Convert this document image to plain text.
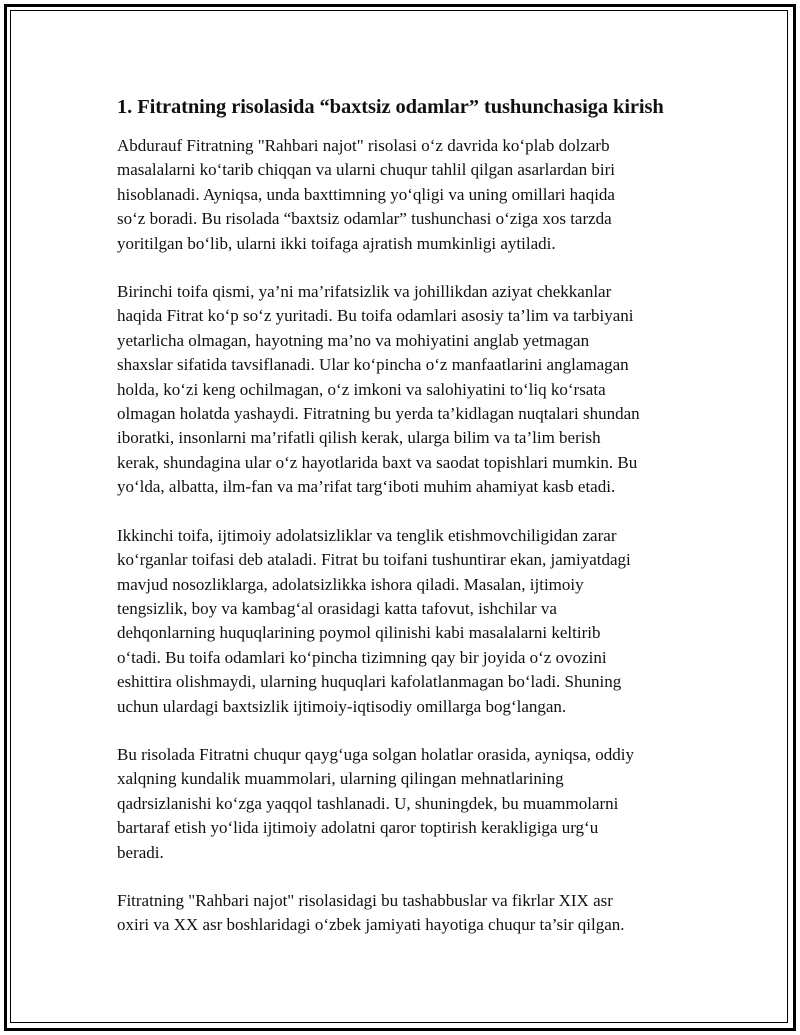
1. Fitratning risolasida “baxtsiz odamlar” tushunchasiga kirish

Abdurauf Fitratning "Rahbari najot" risolasi o‘z davrida ko‘plab dolzarb
masalalarni ko‘tarib chiqqan va ularni chuqur tahlil qilgan asarlardan biri
hisoblanadi. Ayniqsa, unda baxttimning yo‘qligi va uning omillari haqida
so‘z boradi. Bu risolada “baxtsiz odamlar” tushunchasi o‘ziga xos tarzda
yoritilgan bo‘lib, ularni ikki toifaga ajratish mumkinligi aytiladi.

Birinchi toifa qismi, ya’ni ma’rifatsizlik va johillikdan aziyat chekkanlar
haqida Fitrat ko‘p so‘z yuritadi. Bu toifa odamlari asosiy ta’lim va tarbiyani
yetarlicha olmagan, hayotning ma’no va mohiyatini anglab yetmagan
shaxslar sifatida tavsiflanadi. Ular ko‘pincha o‘z manfaatlarini anglamagan
holda, ko‘zi keng ochilmagan, o‘z imkoni va salohiyatini to‘liq ko‘rsata
olmagan holatda yashaydi. Fitratning bu yerda ta’kidlagan nuqtalari shundan
iboratki, insonlarni ma’rifatli qilish kerak, ularga bilim va ta’lim berish
kerak, shundagina ular o‘z hayotlarida baxt va saodat topishlari mumkin. Bu
yo‘lda, albatta, ilm-fan va ma’rifat targ‘iboti muhim ahamiyat kasb etadi.

Ikkinchi toifa, ijtimoiy adolatsizliklar va tenglik etishmovchiligidan zarar
ko‘rganlar toifasi deb ataladi. Fitrat bu toifani tushuntirar ekan, jamiyatdagi
mavjud nosozliklarga, adolatsizlikka ishora qiladi. Masalan, ijtimoiy
tengsizlik, boy va kambag‘al orasidagi katta tafovut, ishchilar va
dehqonlarning huquqlarining poymol qilinishi kabi masalalarni keltirib
o‘tadi. Bu toifa odamlari ko‘pincha tizimning qay bir joyida o‘z ovozini
eshittira olishmaydi, ularning huquqlari kafolatlanmagan bo‘ladi. Shuning
uchun ulardagi baxtsizlik ijtimoiy-iqtisodiy omillarga bog‘langan.

Bu risolada Fitratni chuqur qayg‘uga solgan holatlar orasida, ayniqsa, oddiy
xalqning kundalik muammolari, ularning qilingan mehnatlarining
qadrsizlanishi ko‘zga yaqqol tashlanadi. U, shuningdek, bu muammolarni
bartaraf etish yo‘lida ijtimoiy adolatni qaror toptirish kerakligiga urg‘u
beradi.

Fitratning "Rahbari najot" risolasidagi bu tashabbuslar va fikrlar XIX asr
oxiri va XX asr boshlaridagi o‘zbek jamiyati hayotiga chuqur ta’sir qilgan.
